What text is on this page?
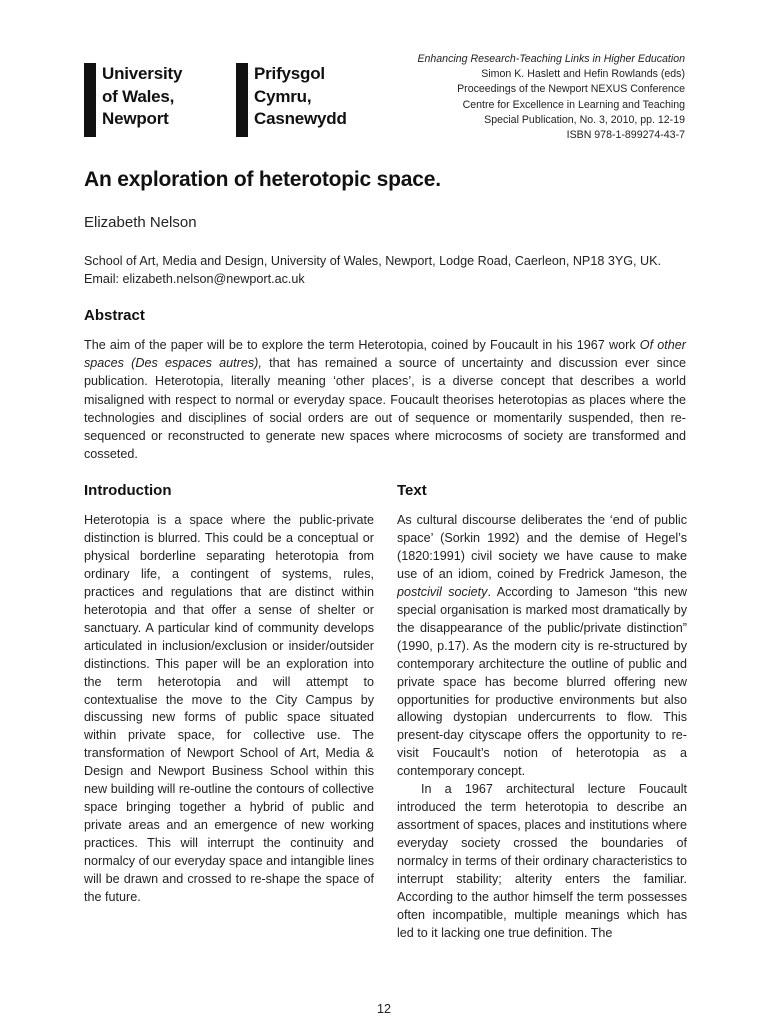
University
of Wales,
Newport
Prifysgol
Cymru,
Casnewydd
Enhancing Research-Teaching Links in Higher Education
Simon K. Haslett and Hefin Rowlands (eds)
Proceedings of the Newport NEXUS Conference
Centre for Excellence in Learning and Teaching
Special Publication, No. 3, 2010, pp. 12-19
ISBN 978-1-899274-43-7
An exploration of heterotopic space.
Elizabeth Nelson
School of Art, Media and Design, University of Wales, Newport, Lodge Road, Caerleon, NP18 3YG, UK. Email: elizabeth.nelson@newport.ac.uk
Abstract
The aim of the paper will be to explore the term Heterotopia, coined by Foucault in his 1967 work Of other spaces (Des espaces autres), that has remained a source of uncertainty and discussion ever since publication. Heterotopia, literally meaning ‘other places’, is a diverse concept that describes a world misaligned with respect to normal or everyday space. Foucault theorises heterotopias as places where the technologies and disciplines of social orders are out of sequence or momentarily suspended, then re-sequenced or reconstructed to generate new spaces where microcosms of society are transformed and cosseted.
Introduction
Heterotopia is a space where the public-private distinction is blurred. This could be a conceptual or physical borderline separating heterotopia from ordinary life, a contingent of systems, rules, practices and regulations that are distinct within heterotopia and that offer a sense of shelter or sanctuary. A particular kind of community develops articulated in inclusion/exclusion or insider/outsider distinctions. This paper will be an exploration into the term heterotopia and will attempt to contextualise the move to the City Campus by discussing new forms of public space situated within private space, for collective use. The transformation of Newport School of Art, Media & Design and Newport Business School within this new building will re-outline the contours of collective space bringing together a hybrid of public and private areas and an emergence of new working practices. This will interrupt the continuity and normalcy of our everyday space and intangible lines will be drawn and crossed to re-shape the space of the future.
Text

As cultural discourse deliberates the ‘end of public space’ (Sorkin 1992) and the demise of Hegel’s (1820:1991) civil society we have cause to make use of an idiom, coined by Fredrick Jameson, the postcivil society. According to Jameson “this new special organisation is marked most dramatically by the disappearance of the public/private distinction” (1990, p.17). As the modern city is re-structured by contemporary architecture the outline of public and private space has become blurred offering new opportunities for productive environments but also allowing dystopian undercurrents to flow. This present-day cityscape offers the opportunity to re-visit Foucault’s notion of heterotopia as a contemporary concept.

In a 1967 architectural lecture Foucault introduced the term heterotopia to describe an assortment of spaces, places and institutions where everyday society crossed the boundaries of normalcy in terms of their ordinary characteristics to interrupt stability; alterity enters the familiar. According to the author himself the term possesses often incompatible, multiple meanings which has led to it lacking one true definition. The

12
